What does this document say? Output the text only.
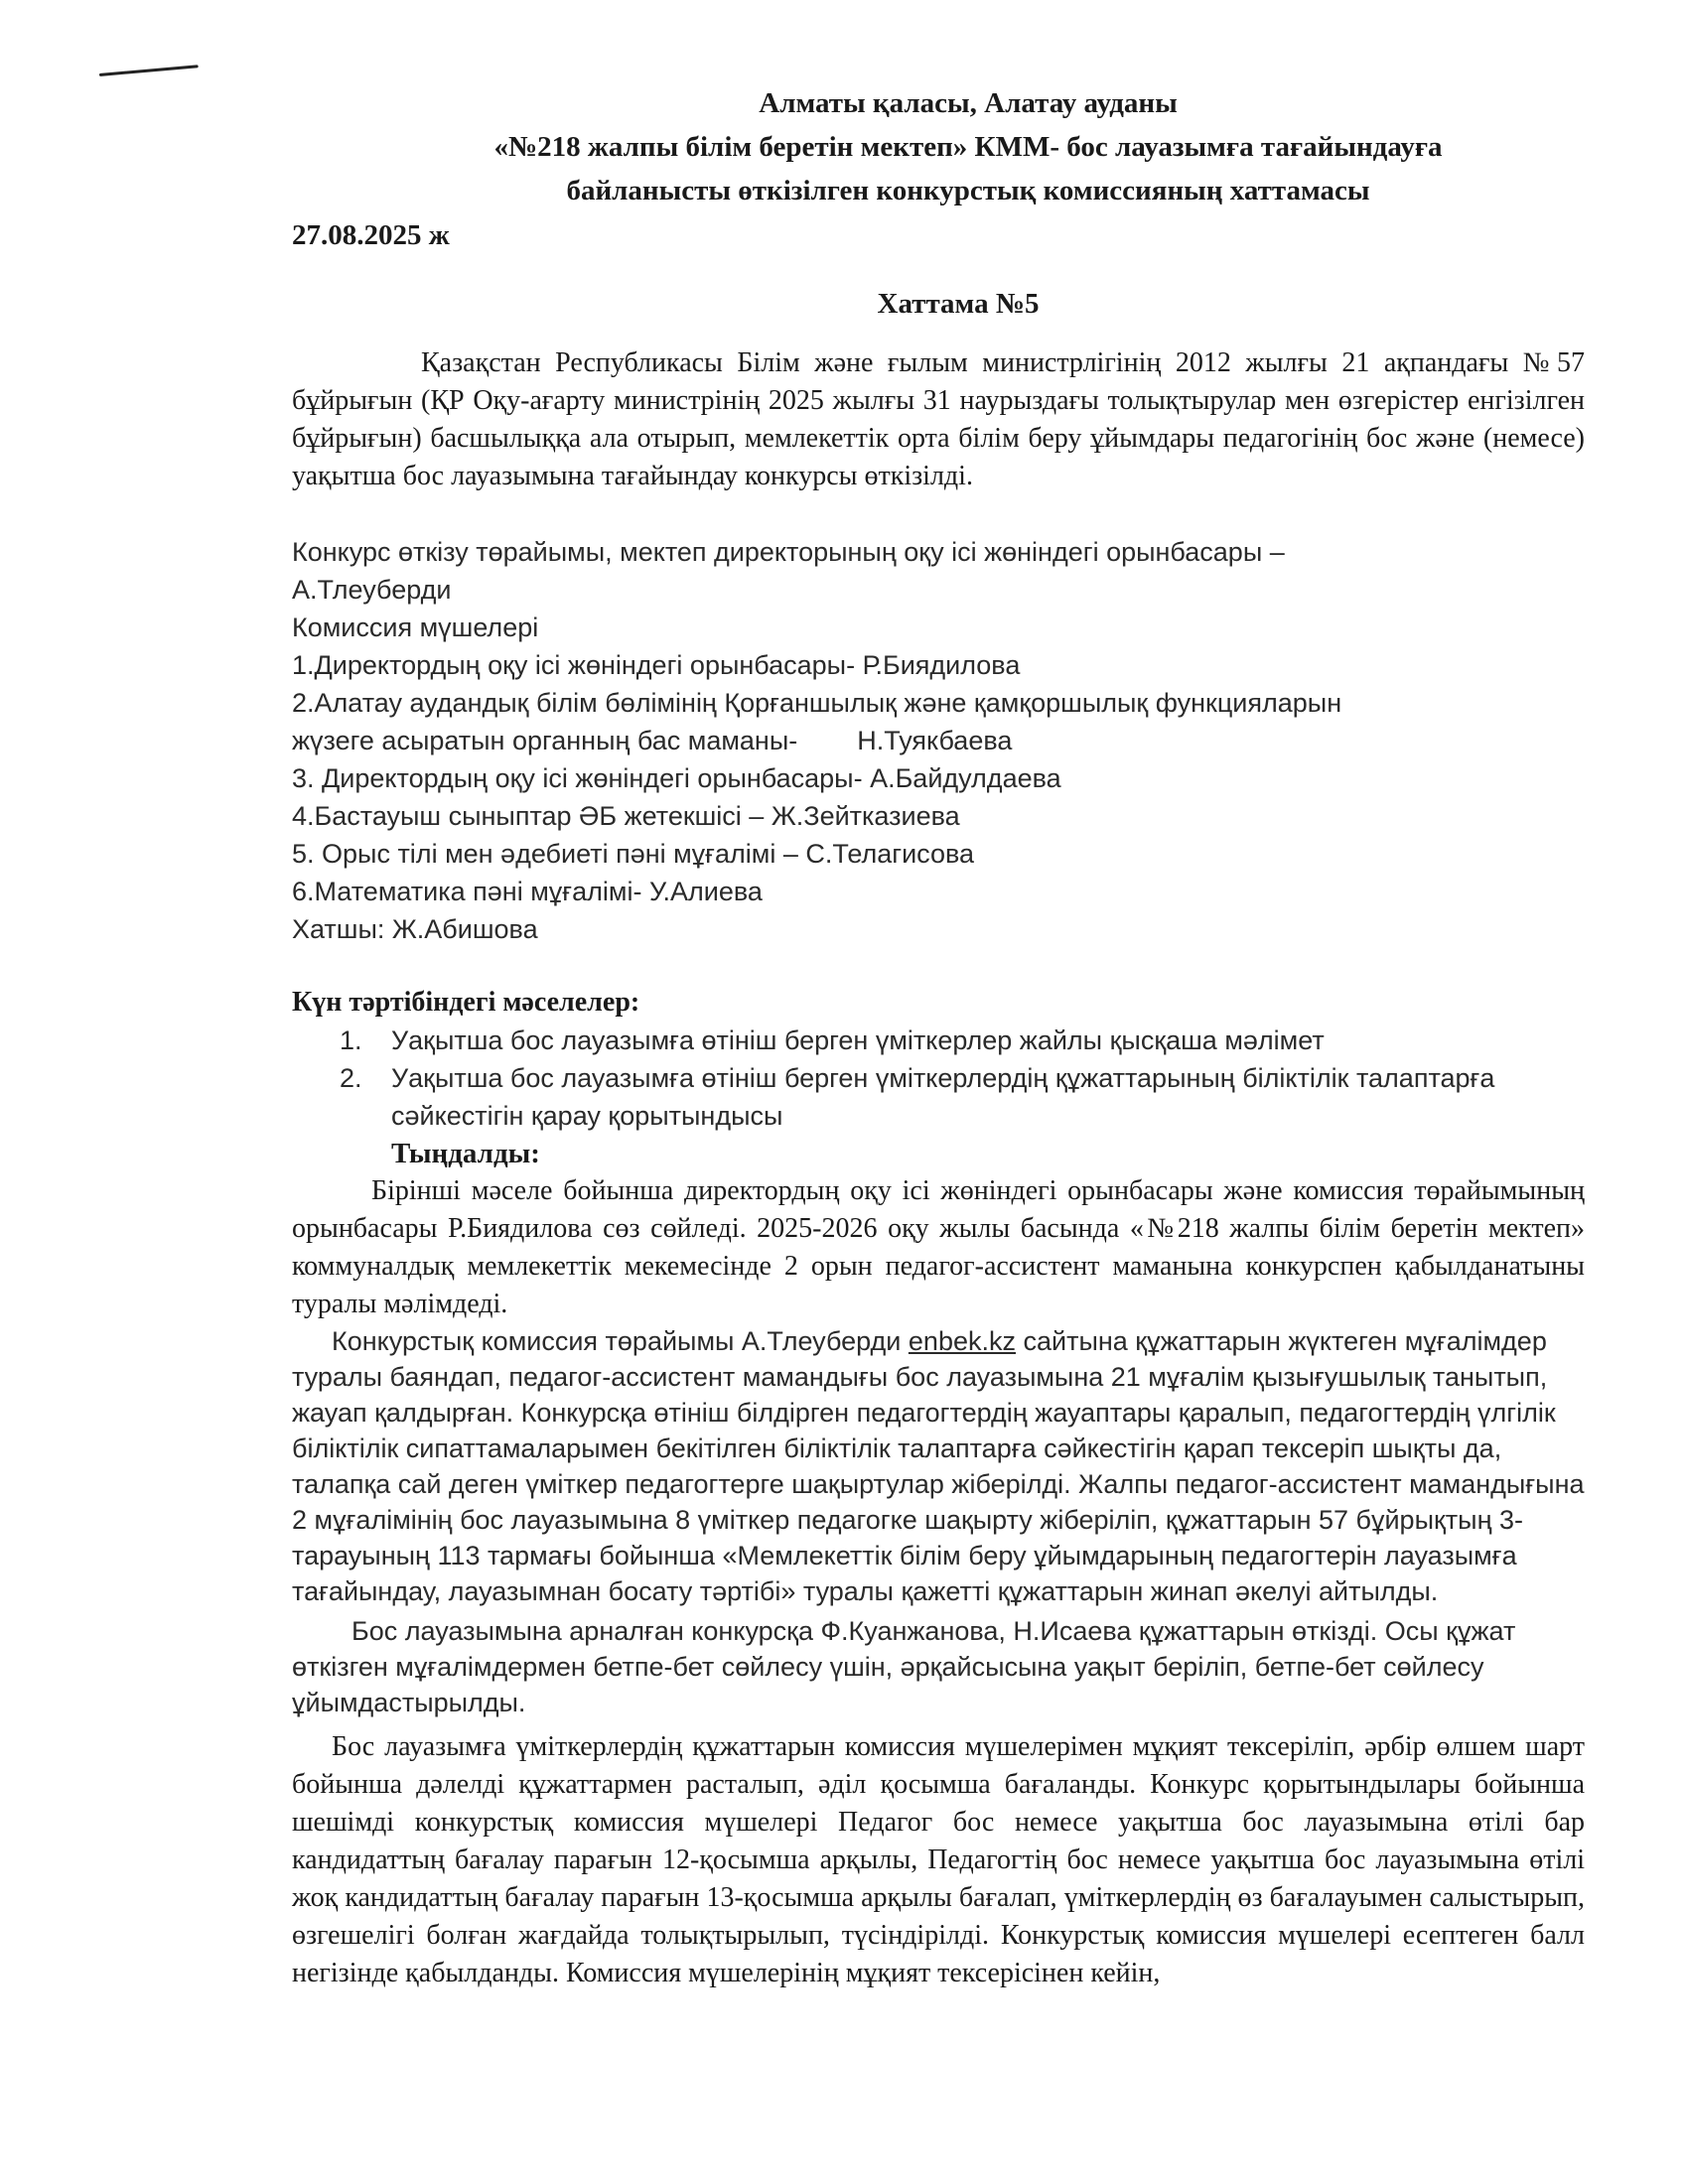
Алматы қаласы, Алатау ауданы
«№218 жалпы білім беретін мектеп» КММ- бос лауазымға тағайындауға
байланысты өткізілген конкурстық комиссияның хаттамасы
27.08.2025 ж
Хаттама №5

Қазақстан Республикасы Білім және ғылым министрлігінің 2012 жылғы 21 ақпандағы №57 бұйрығын (ҚР Оқу-ағарту министрінің 2025 жылғы 31 наурыздағы толықтырулар мен өзгерістер енгізілген бұйрығын) басшылыққа ала отырып, мемлекеттік орта білім беру ұйымдары педагогінің бос және (немесе) уақытша бос лауазымына тағайындау конкурсы өткізілді.

Конкурс өткізу төрайымы, мектеп директорының оқу ісі жөніндегі орынбасары –

А.Тлеуберди

Комиссия мүшелері

1.Директордың оқу ісі жөніндегі орынбасары- Р.Биядилова

2.Алатау аудандық білім бөлімінің Қорғаншылық және қамқоршылық функцияларын

жүзеге асыратын органның бас маманы-        Н.Туякбаева

3. Директордың оқу ісі жөніндегі орынбасары- А.Байдулдаева

4.Бастауыш сыныптар ӘБ жетекшісі – Ж.Зейтказиева

5. Орыс тілі мен әдебиеті пәні мұғалімі – С.Телагисова

6.Математика пәні мұғалімі- У.Алиева

Хатшы: Ж.Абишова

Күн тәртібіндегі мәселелер:
1. Уақытша бос лауазымға өтініш берген үміткерлер жайлы қысқаша мәлімет
2. Уақытша бос лауазымға өтініш берген үміткерлердің құжаттарының біліктілік талаптарға сәйкестігін қарау қорытындысы
Тыңдалды:

Бірінші мәселе бойынша директордың оқу ісі жөніндегі орынбасары және комиссия төрайымының орынбасары Р.Биядилова сөз сөйледі. 2025-2026 оқу жылы басында «№218 жалпы білім беретін мектеп» коммуналдық мемлекеттік мекемесінде 2 орын педагог-ассистент маманына конкурспен қабылданатыны туралы мәлімдеді.

Конкурстық комиссия төрайымы А.Тлеуберди enbek.kz сайтына құжаттарын жүктеген мұғалімдер туралы баяндап, педагог-ассистент мамандығы бос лауазымына 21 мұғалім қызығушылық танытып, жауап қалдырған. Конкурсқа өтініш білдірген педагогтердің жауаптары қаралып, педагогтердің үлгілік біліктілік сипаттамаларымен бекітілген біліктілік талаптарға сәйкестігін қарап тексеріп шықты да, талапқа сай деген үміткер педагогтерге шақыртулар жіберілді. Жалпы педагог-ассистент мамандығына 2 мұғалімінің бос лауазымына 8 үміткер педагогке шақырту жіберіліп, құжаттарын 57 бұйрықтың 3-тарауының 113 тармағы бойынша «Мемлекеттік білім беру ұйымдарының педагогтерін лауазымға тағайындау, лауазымнан босату тәртібі» туралы қажетті құжаттарын жинап әкелуі айтылды.

Бос лауазымына арналған конкурсқа Ф.Куанжанова, Н.Исаева құжаттарын өткізді. Осы құжат өткізген мұғалімдермен бетпе-бет сөйлесу үшін, әрқайсысына уақыт беріліп, бетпе-бет сөйлесу ұйымдастырылды.

Бос лауазымға үміткерлердің құжаттарын комиссия мүшелерімен мұқият тексеріліп, әрбір өлшем шарт бойынша дәлелді құжаттармен расталып, әділ қосымша бағаланды. Конкурс қорытындылары бойынша шешімді конкурстық комиссия мүшелері Педагог бос немесе уақытша бос лауазымына өтілі бар кандидаттың бағалау парағын 12-қосымша арқылы, Педагогтің бос немесе уақытша бос лауазымына өтілі жоқ кандидаттың бағалау парағын 13-қосымша арқылы бағалап, үміткерлердің өз бағалауымен салыстырып, өзгешелігі болған жағдайда толықтырылып, түсіндірілді. Конкурстық комиссия мүшелері есептеген балл негізінде қабылданды. Комиссия мүшелерінің мұқият тексерісінен кейін,
